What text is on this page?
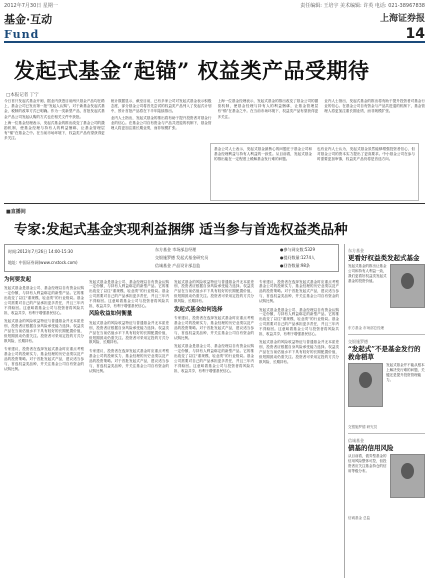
2012年7月30日 星期一	责任编辑: 王培宇 美术编辑: 许英 电话: 021-38967838
基金·互动	上海证券报
Fund	14
发起式基金“起锚” 权益类产品受期待
□本报记者 丁宁

今日首只发起式基金开闸，据业内获悉目前两只基金产品均在路上，基金公司已发出第一批“发起人认购”。对于新基金发起式基金，税制的改革方式已明确。作为一类新型产品，首批发起式基金产品公司发起认购的方式也在相关文件中获批。

上海一位基金经理表示，发起式基金的推出改变了基金公司的激励机制，使基金经理与持有人的利益捆绑，让基金管理层有“锚”在基金之中。在当前市场环境下，权益类产品有望获得更多关注。

统计数据显示，截至目前，已有多家公司对发起式基金表示积极态度，部分基金公司将首先尝试的权益类产品列入了发起式计划中，预计首批产品将在下半年陆续推出。

业内人士指出，发起式基金的推出将有助于提升投资者对基金行业的信心。在基金公司自有资金与产品共进退的机制下，基金管理人将更加注重长期业绩，而非规模扩张。

上海一位基金经理表示，发起式基金的推出改变了基金公司的激励机制，使基金经理与持有人的利益捆绑，让基金管理层有“锚”在基金之中。在当前市场环境下，权益类产品有望获得更多关注。

业内人士指出，发起式基金的推出将有助于提升投资者对基金行业的信心。在基金公司自有资金与产品共进退的机制下，基金管理人将更加注重长期业绩，而非规模扩张。

基金公司人士表示，发起式基金最核心的问题在于基金公司和基金经理利益与持有人利益的一致性。从目前看，发起式基金的推出能在一定程度上缓解基金发行难的问题。

也有业内人士认为，发起式基金虽然能够增强投资者信心，但对基金公司的资本实力提出了更高要求。中小基金公司在参与时需要更加审慎，权益类产品仍将是首选方向。

■直播间
专家:发起式基金实现利益捆绑 适当参与首选权益类品种
时间:2012年7月26日 14:00-15:30
地址: 中国证券网(www.cnstock.com)
东方基金 市场部总经理
交银施罗德 发起式基金研究员
信诚基金 产品设计部总监
●参与网友数:5329
●提问数量:1274人
●回答数量:98条
为何要发起

发起式基金是基金公司、基金经理以自有资金认购一定份额，与持有人利益绑定的新型产品。它的推出改变了以往“重规模、轻业绩”的行业格局。基金公司需要对自己的产品承担更多责任，并且三年内不得赎回。这意味着基金公司与投资者将风险共担、收益共享，有利于增强基民信心。

发起式基金的风险收益特征与普通基金并无本质差别，投资者应根据自身风险承受能力选择。权益类产品在当前估值水平下具有较好的长期配置价值，但短期波动仍需关注。投资者可采用定投的方式分散风险，长期持有。

专家建议，投资者在选择发起式基金时应重点考察基金公司的投研实力、基金经理的历史业绩以及产品的投资策略。对于首批发起式产品，建议适当参与，首选权益类品种，并关注基金公司自有资金的认购比例。

发起式基金是基金公司、基金经理以自有资金认购一定份额，与持有人利益绑定的新型产品。它的推出改变了以往“重规模、轻业绩”的行业格局。基金公司需要对自己的产品承担更多责任，并且三年内不得赎回。这意味着基金公司与投资者将风险共担、收益共享，有利于增强基民信心。

风险收益如何衡量

发起式基金的风险收益特征与普通基金并无本质差别，投资者应根据自身风险承受能力选择。权益类产品在当前估值水平下具有较好的长期配置价值，但短期波动仍需关注。投资者可采用定投的方式分散风险，长期持有。

专家建议，投资者在选择发起式基金时应重点考察基金公司的投研实力、基金经理的历史业绩以及产品的投资策略。对于首批发起式产品，建议适当参与，首选权益类品种，并关注基金公司自有资金的认购比例。

发起式基金的风险收益特征与普通基金并无本质差别，投资者应根据自身风险承受能力选择。权益类产品在当前估值水平下具有较好的长期配置价值，但短期波动仍需关注。投资者可采用定投的方式分散风险，长期持有。

发起式基金如何选择

专家建议，投资者在选择发起式基金时应重点考察基金公司的投研实力、基金经理的历史业绩以及产品的投资策略。对于首批发起式产品，建议适当参与，首选权益类品种，并关注基金公司自有资金的认购比例。

发起式基金是基金公司、基金经理以自有资金认购一定份额，与持有人利益绑定的新型产品。它的推出改变了以往“重规模、轻业绩”的行业格局。基金公司需要对自己的产品承担更多责任，并且三年内不得赎回。这意味着基金公司与投资者将风险共担、收益共享，有利于增强基民信心。

专家建议，投资者在选择发起式基金时应重点考察基金公司的投研实力、基金经理的历史业绩以及产品的投资策略。对于首批发起式产品，建议适当参与，首选权益类品种，并关注基金公司自有资金的认购比例。

发起式基金是基金公司、基金经理以自有资金认购一定份额，与持有人利益绑定的新型产品。它的推出改变了以往“重规模、轻业绩”的行业格局。基金公司需要对自己的产品承担更多责任，并且三年内不得赎回。这意味着基金公司与投资者将风险共担、收益共享，有利于增强基民信心。

发起式基金的风险收益特征与普通基金并无本质差别，投资者应根据自身风险承受能力选择。权益类产品在当前估值水平下具有较好的长期配置价值，但短期波动仍需关注。投资者可采用定投的方式分散风险，长期持有。

东方基金
更看好权益类发起式基金
发起式基金的推出让基金公司和持有人利益一致，我们更看好权益类发起式基金的投资价值。
东方基金 市场部总经理
交银施罗德
“发起式”不是基金发行的救命稻草
发起式基金并不能从根本上解决发行难的问题，关键还是提升投资管理能力。
交银施罗德 研究员
信诚基金
债基的信用风险
从目前看，债券型基金的信用风险整体可控，但投资者应关注基金持仓的信用等级分布。
信诚基金 总监
